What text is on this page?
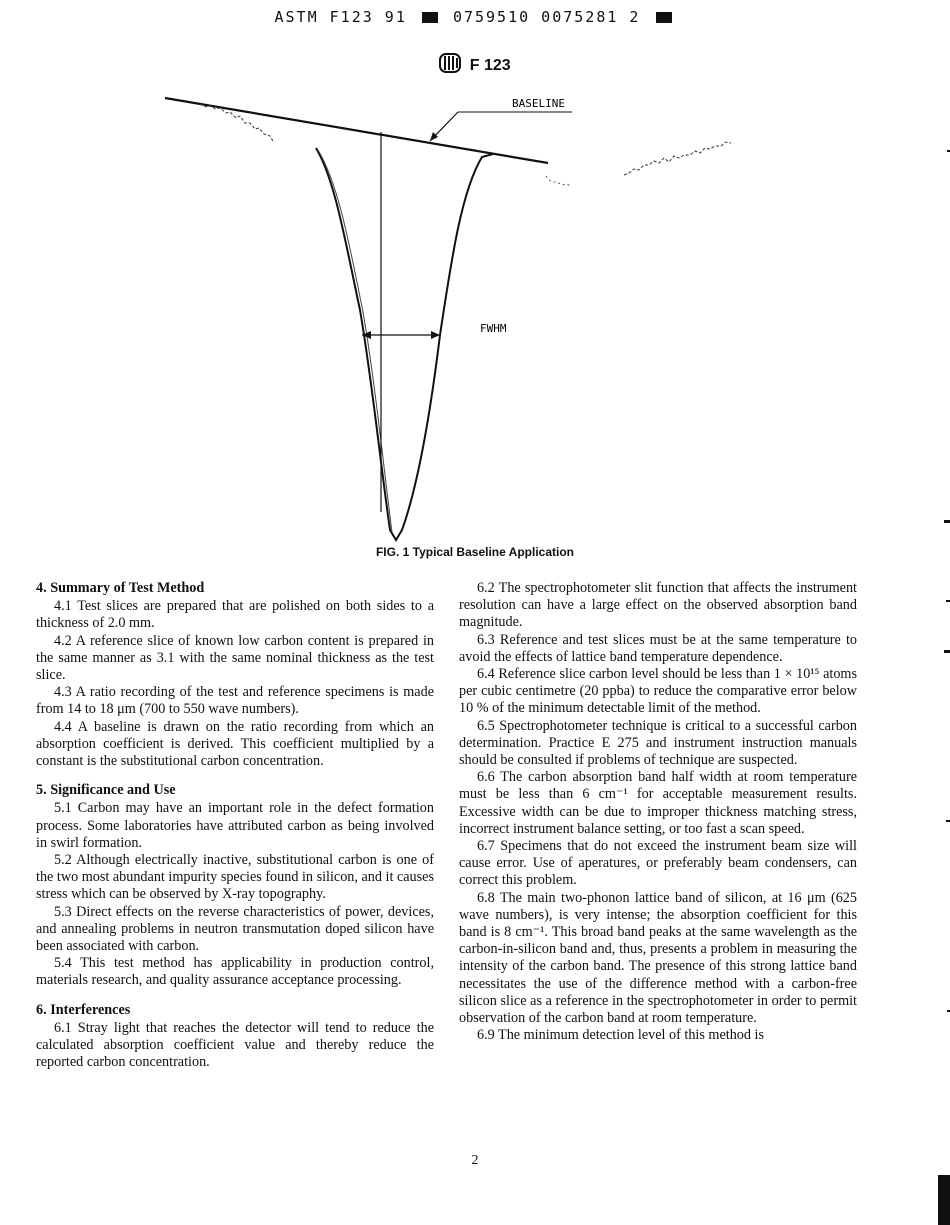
ASTM F123 91	0759510 0075281 2
F 123
BASELINE
FWHM
FIG. 1 Typical Baseline Application
4. Summary of Test Method

4.1 Test slices are prepared that are polished on both sides to a thickness of 2.0 mm.

4.2 A reference slice of known low carbon content is prepared in the same manner as 3.1 with the same nominal thickness as the test slice.

4.3 A ratio recording of the test and reference specimens is made from 14 to 18 μm (700 to 550 wave numbers).

4.4 A baseline is drawn on the ratio recording from which an absorption coefficient is derived. This coefficient multiplied by a constant is the substitutional carbon concentration.

5. Significance and Use

5.1 Carbon may have an important role in the defect formation process. Some laboratories have attributed carbon as being involved in swirl formation.

5.2 Although electrically inactive, substitutional carbon is one of the two most abundant impurity species found in silicon, and it causes stress which can be observed by X-ray topography.

5.3 Direct effects on the reverse characteristics of power, devices, and annealing problems in neutron transmutation doped silicon have been associated with carbon.

5.4 This test method has applicability in production control, materials research, and quality assurance acceptance processing.

6. Interferences

6.1 Stray light that reaches the detector will tend to reduce the calculated absorption coefficient value and thereby reduce the reported carbon concentration.

6.2 The spectrophotometer slit function that affects the instrument resolution can have a large effect on the observed absorption band magnitude.

6.3 Reference and test slices must be at the same temperature to avoid the effects of lattice band temperature dependence.

6.4 Reference slice carbon level should be less than 1 × 10¹⁵ atoms per cubic centimetre (20 ppba) to reduce the comparative error below 10 % of the minimum detectable limit of the method.

6.5 Spectrophotometer technique is critical to a successful carbon determination. Practice E 275 and instrument instruction manuals should be consulted if problems of technique are suspected.

6.6 The carbon absorption band half width at room temperature must be less than 6 cm⁻¹ for acceptable measurement results. Excessive width can be due to improper thickness matching stress, incorrect instrument balance setting, or too fast a scan speed.

6.7 Specimens that do not exceed the instrument beam size will cause error. Use of aperatures, or preferably beam condensers, can correct this problem.

6.8 The main two-phonon lattice band of silicon, at 16 μm (625 wave numbers), is very intense; the absorption coefficient for this band is 8 cm⁻¹. This broad band peaks at the same wavelength as the carbon-in-silicon band and, thus, presents a problem in measuring the intensity of the carbon band. The presence of this strong lattice band necessitates the use of the difference method with a carbon-free silicon slice as a reference in the spectrophotometer in order to permit observation of the carbon band at room temperature.

6.9 The minimum detection level of this method is

2
